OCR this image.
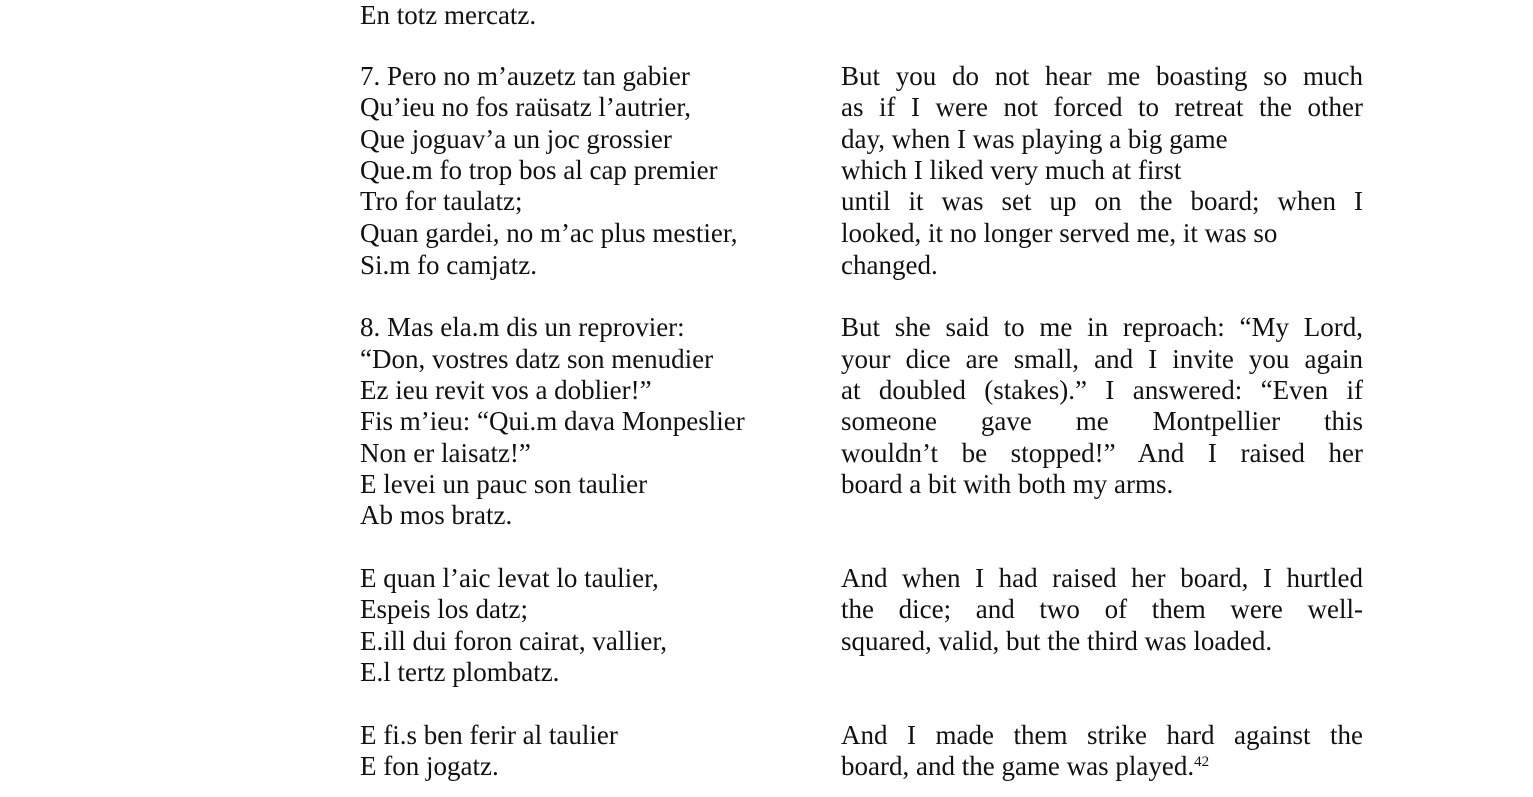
En totz mercatz.
7. Pero no m’auzetz tan gabier
Qu’ieu no fos raüsatz l’autrier,
Que joguav’a un joc grossier
Que.m fo trop bos al cap premier
Tro for taulatz;
Quan gardei, no m’ac plus mestier,
Si.m fo camjatz.
But you do not hear me boasting so much
as if I were not forced to retreat the other
day, when I was playing a big game
which I liked very much at first
until it was set up on the board; when I
looked, it no longer served me, it was so
changed.
8. Mas ela.m dis un reprovier:
“Don, vostres datz son menudier
Ez ieu revit vos a doblier!”
Fis m’ieu: “Qui.m dava Monpeslier
Non er laisatz!”
E levei un pauc son taulier
Ab mos bratz.
But she said to me in reproach: “My Lord,
your dice are small, and I invite you again
at doubled (stakes).” I answered: “Even if
someone gave me Montpellier this
wouldn’t be stopped!” And I raised her
board a bit with both my arms.
E quan l’aic levat lo taulier,
Espeis los datz;
E.ill dui foron cairat, vallier,
E.l tertz plombatz.
And when I had raised her board, I hurtled
the dice; and two of them were well-
squared, valid, but the third was loaded.
E fi.s ben ferir al taulier
E fon jogatz.
And I made them strike hard against the
board, and the game was played.$^{42}$
